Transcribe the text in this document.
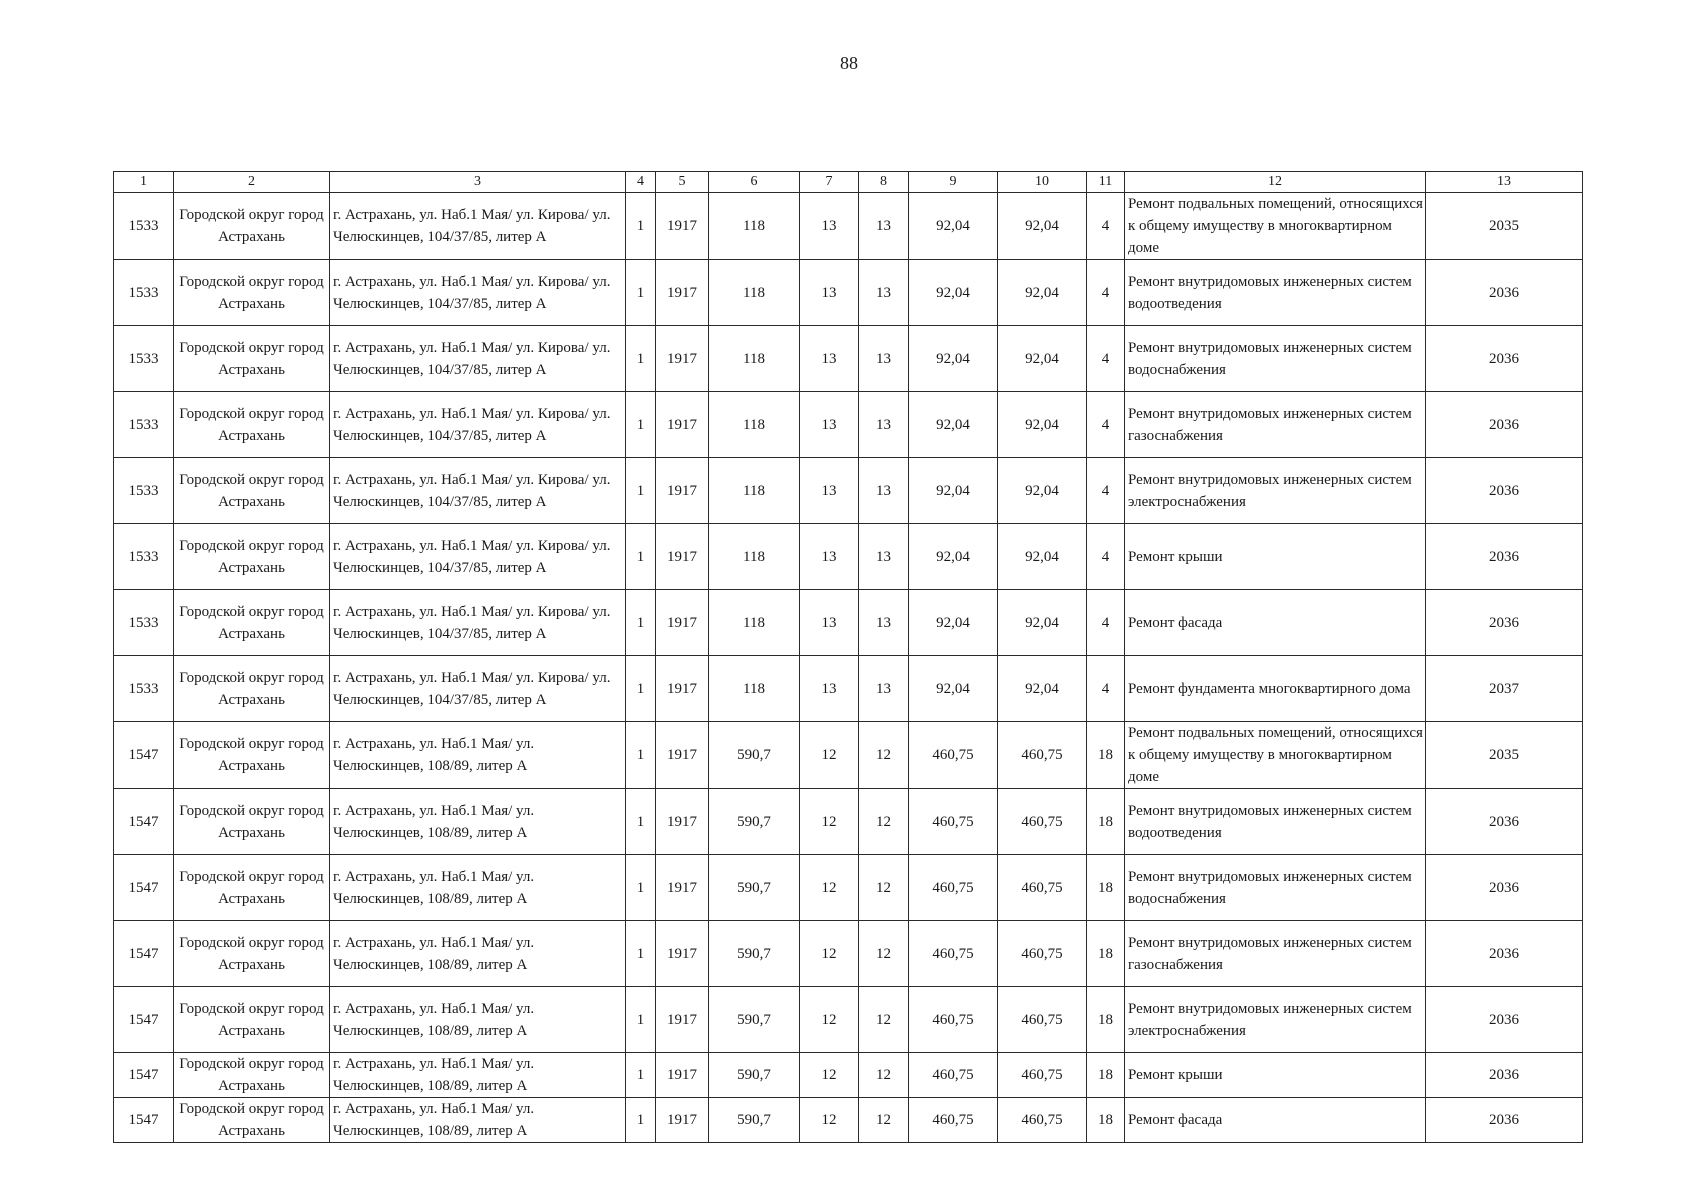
88
1	2	3	4	5	6	7	8	9	10	11	12	13
1533	Городской округ город Астрахань	г. Астрахань, ул. Наб.1 Мая/ ул. Кирова/ ул. Челюскинцев, 104/37/85, литер А	1	1917	118	13	13	92,04	92,04	4	Ремонт подвальных помещений, относящихся к общему имуществу в многоквартирном доме	2035
1533	Городской округ город Астрахань	г. Астрахань, ул. Наб.1 Мая/ ул. Кирова/ ул. Челюскинцев, 104/37/85, литер А	1	1917	118	13	13	92,04	92,04	4	Ремонт внутридомовых инженерных систем водоотведения	2036
1533	Городской округ город Астрахань	г. Астрахань, ул. Наб.1 Мая/ ул. Кирова/ ул. Челюскинцев, 104/37/85, литер А	1	1917	118	13	13	92,04	92,04	4	Ремонт внутридомовых инженерных систем водоснабжения	2036
1533	Городской округ город Астрахань	г. Астрахань, ул. Наб.1 Мая/ ул. Кирова/ ул. Челюскинцев, 104/37/85, литер А	1	1917	118	13	13	92,04	92,04	4	Ремонт внутридомовых инженерных систем газоснабжения	2036
1533	Городской округ город Астрахань	г. Астрахань, ул. Наб.1 Мая/ ул. Кирова/ ул. Челюскинцев, 104/37/85, литер А	1	1917	118	13	13	92,04	92,04	4	Ремонт внутридомовых инженерных систем электроснабжения	2036
1533	Городской округ город Астрахань	г. Астрахань, ул. Наб.1 Мая/ ул. Кирова/ ул. Челюскинцев, 104/37/85, литер А	1	1917	118	13	13	92,04	92,04	4	Ремонт крыши	2036
1533	Городской округ город Астрахань	г. Астрахань, ул. Наб.1 Мая/ ул. Кирова/ ул. Челюскинцев, 104/37/85, литер А	1	1917	118	13	13	92,04	92,04	4	Ремонт фасада	2036
1533	Городской округ город Астрахань	г. Астрахань, ул. Наб.1 Мая/ ул. Кирова/ ул. Челюскинцев, 104/37/85, литер А	1	1917	118	13	13	92,04	92,04	4	Ремонт фундамента многоквартирного дома	2037
1547	Городской округ город Астрахань	г. Астрахань, ул. Наб.1 Мая/ ул. Челюскинцев, 108/89, литер А	1	1917	590,7	12	12	460,75	460,75	18	Ремонт подвальных помещений, относящихся к общему имуществу в многоквартирном доме	2035
1547	Городской округ город Астрахань	г. Астрахань, ул. Наб.1 Мая/ ул. Челюскинцев, 108/89, литер А	1	1917	590,7	12	12	460,75	460,75	18	Ремонт внутридомовых инженерных систем водоотведения	2036
1547	Городской округ город Астрахань	г. Астрахань, ул. Наб.1 Мая/ ул. Челюскинцев, 108/89, литер А	1	1917	590,7	12	12	460,75	460,75	18	Ремонт внутридомовых инженерных систем водоснабжения	2036
1547	Городской округ город Астрахань	г. Астрахань, ул. Наб.1 Мая/ ул. Челюскинцев, 108/89, литер А	1	1917	590,7	12	12	460,75	460,75	18	Ремонт внутридомовых инженерных систем газоснабжения	2036
1547	Городской округ город Астрахань	г. Астрахань, ул. Наб.1 Мая/ ул. Челюскинцев, 108/89, литер А	1	1917	590,7	12	12	460,75	460,75	18	Ремонт внутридомовых инженерных систем электроснабжения	2036
1547	Городской округ город Астрахань	г. Астрахань, ул. Наб.1 Мая/ ул. Челюскинцев, 108/89, литер А	1	1917	590,7	12	12	460,75	460,75	18	Ремонт крыши	2036
1547	Городской округ город Астрахань	г. Астрахань, ул. Наб.1 Мая/ ул. Челюскинцев, 108/89, литер А	1	1917	590,7	12	12	460,75	460,75	18	Ремонт фасада	2036
